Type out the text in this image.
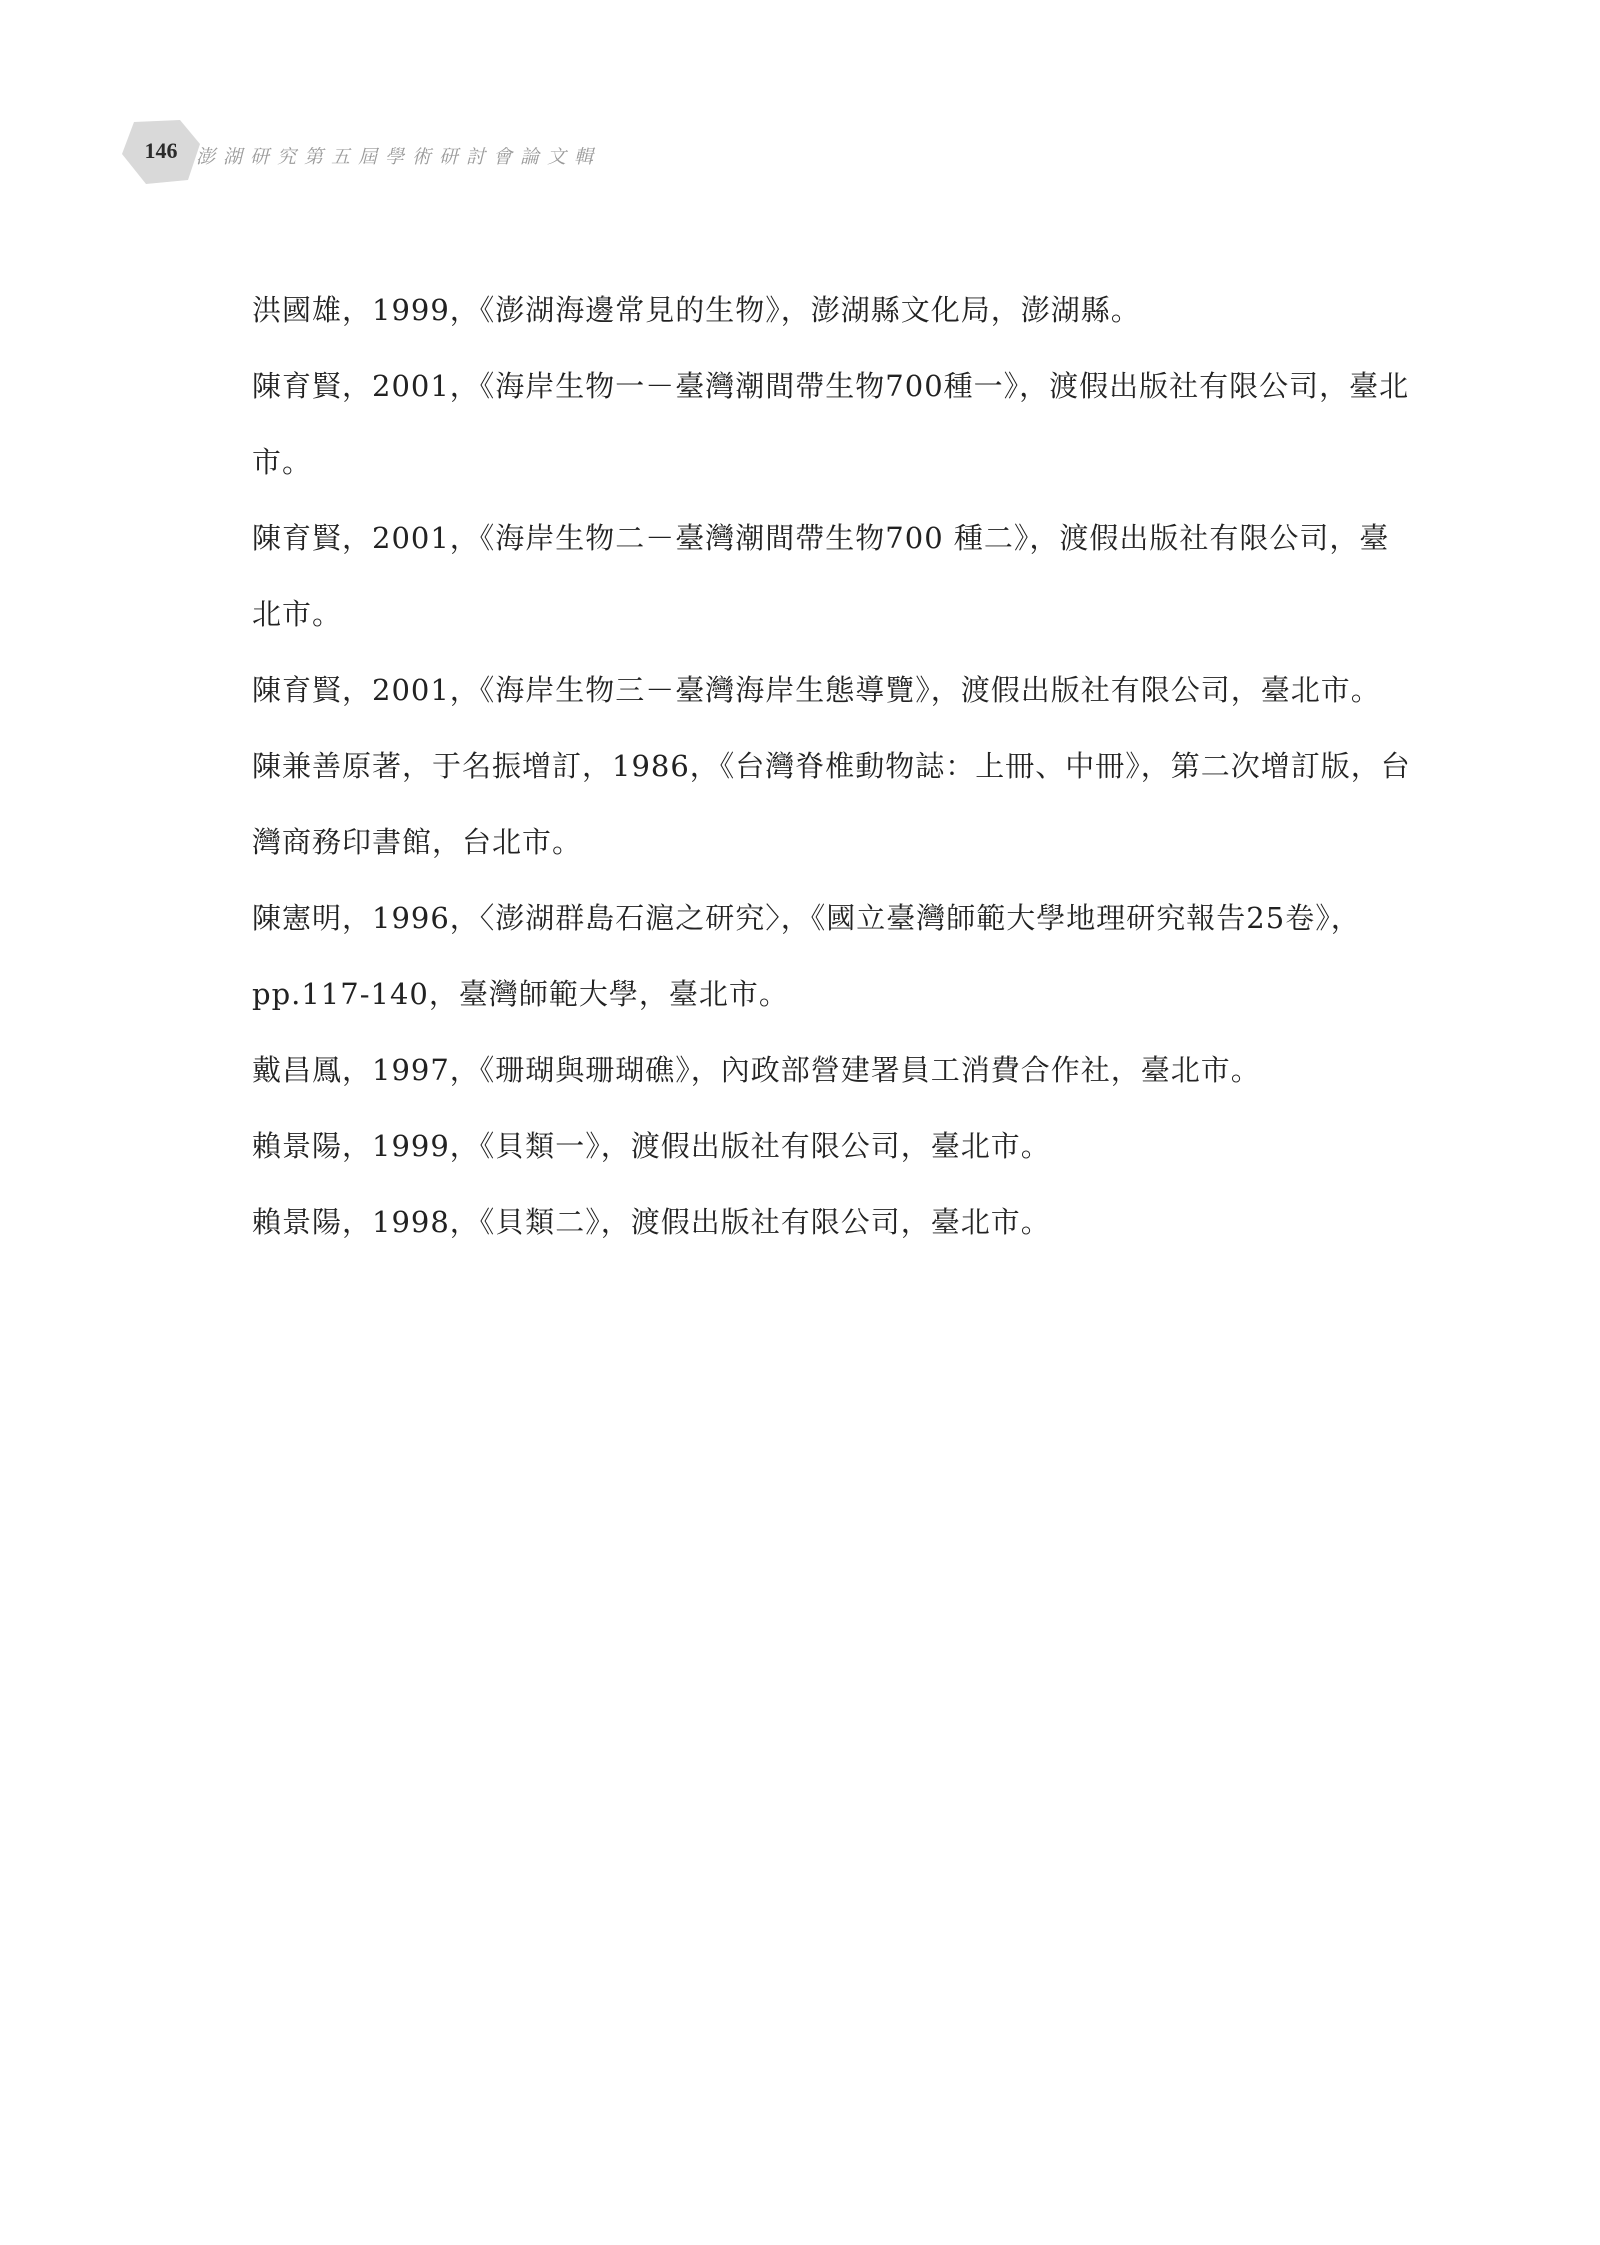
146 澎湖研究第五屆學術研討會論文輯
洪國雄，1999，《澎湖海邊常見的生物》，澎湖縣文化局，澎湖縣。
陳育賢，2001，《海岸生物一－臺灣潮間帶生物700種一》，渡假出版社有限公司，臺北市。
陳育賢，2001，《海岸生物二－臺灣潮間帶生物700 種二》，渡假出版社有限公司，臺北市。
陳育賢，2001，《海岸生物三－臺灣海岸生態導覽》，渡假出版社有限公司，臺北市。
陳兼善原著，于名振增訂，1986，《台灣脊椎動物誌：上冊、中冊》，第二次增訂版，台灣商務印書館，台北市。
陳憲明，1996，〈澎湖群島石滬之研究〉，《國立臺灣師範大學地理研究報告25卷》，pp.117-140，臺灣師範大學，臺北市。
戴昌鳳，1997，《珊瑚與珊瑚礁》，內政部營建署員工消費合作社，臺北市。
賴景陽，1999，《貝類一》，渡假出版社有限公司，臺北市。
賴景陽，1998，《貝類二》，渡假出版社有限公司，臺北市。
